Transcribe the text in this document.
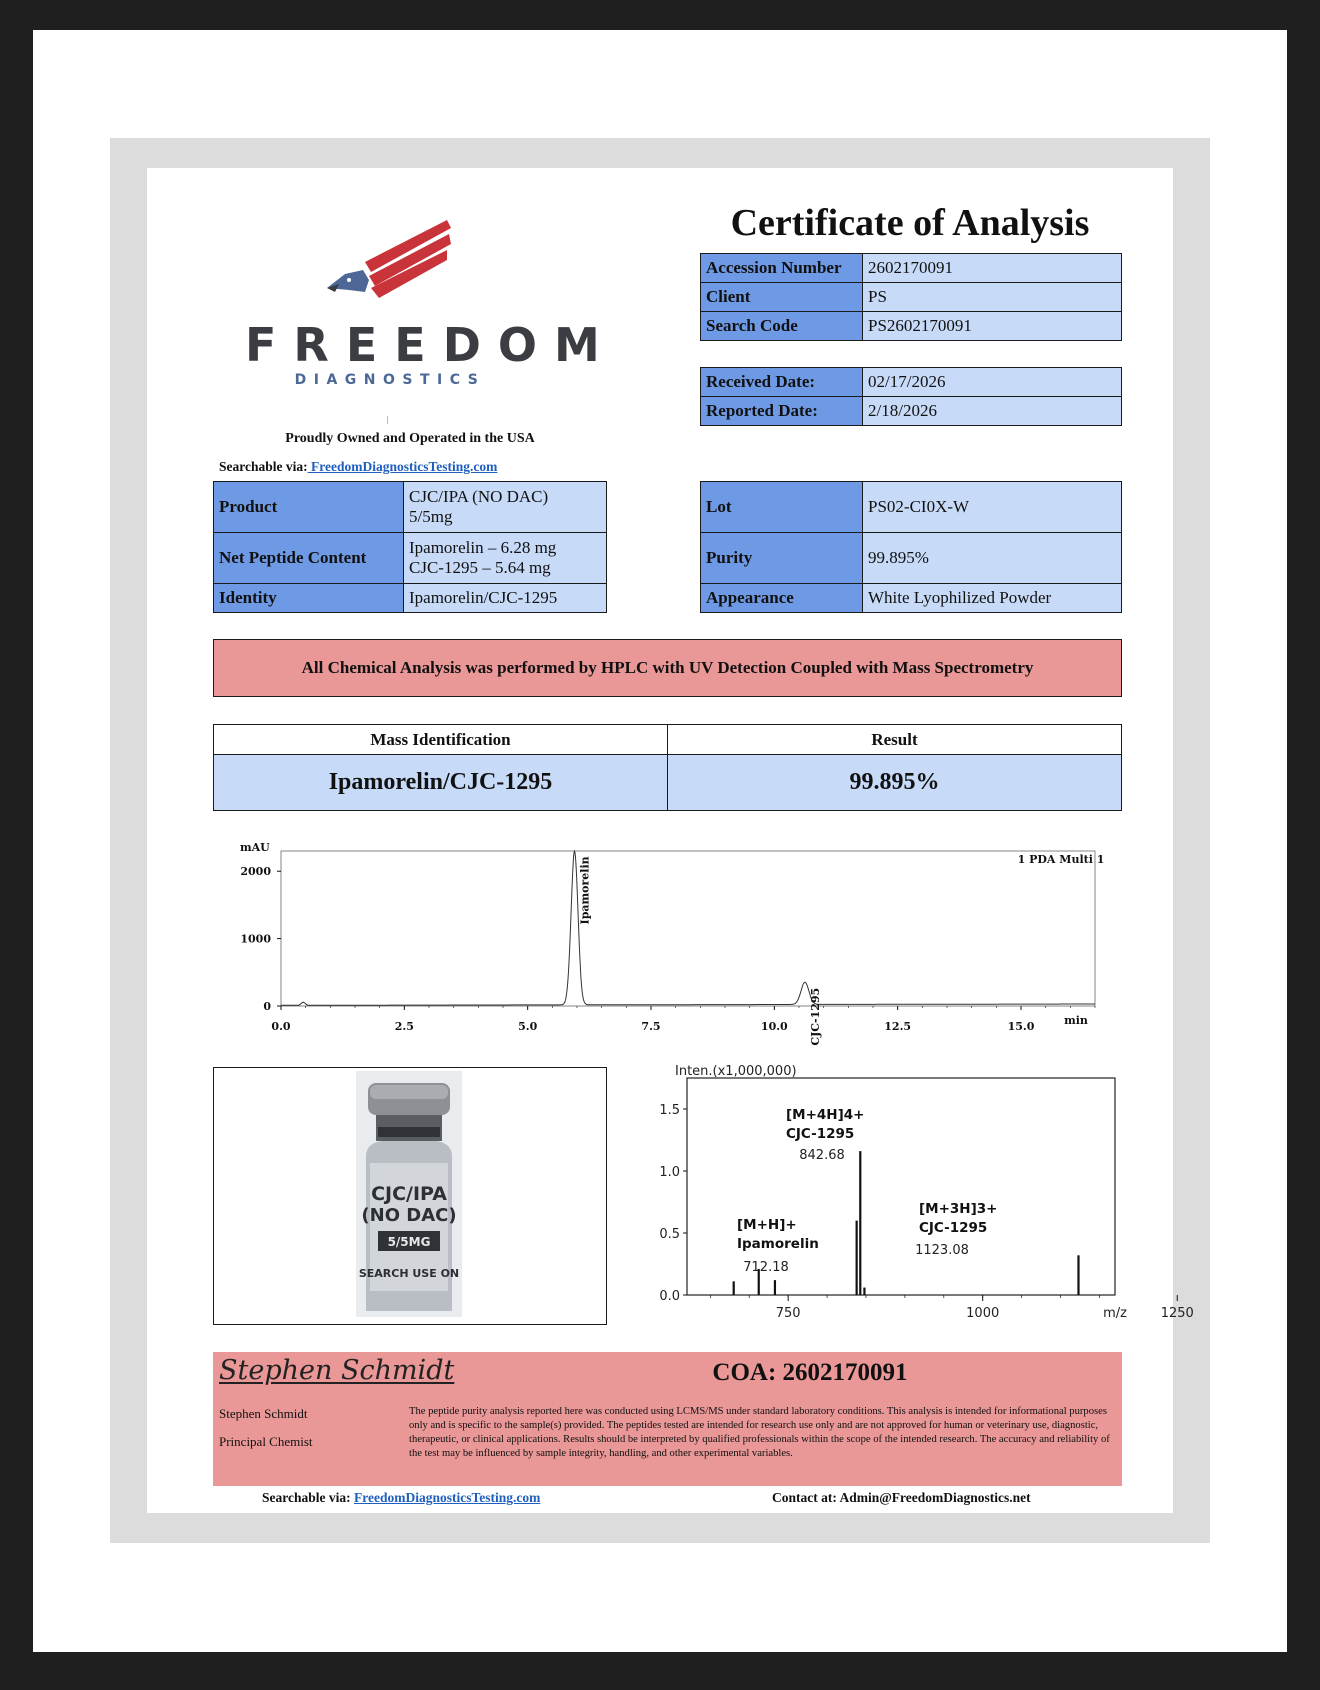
FREEDOM
DIAGNOSTICS
Proudly Owned and Operated in the USA
Searchable via: FreedomDiagnosticsTesting.com
Certificate of Analysis
Accession Number	2602170091
Client	PS
Search Code	PS2602170091
Received Date:	02/17/2026
Reported Date:	2/18/2026
Product	CJC/IPA (NO DAC)
5/5mg

Net Peptide Content	Ipamorelin – 6.28 mg
CJC-1295 – 5.64 mg

Identity	Ipamorelin/CJC-1295
Lot	PS02-CI0X-W
Purity	99.895%
Appearance	White Lyophilized Powder
All Chemical Analysis was performed by HPLC with UV Detection Coupled with Mass Spectrometry
Mass Identification	Result
Ipamorelin/CJC-1295	99.895%
mAU
1 PDA Multi 1
0
1000
2000
0.0	2.5	5.0	7.5	10.0	12.5	15.0	min
Ipamorelin
CJC-1295
CJC/IPA
(NO DAC)
5/5MG
SEARCH USE ON
Inten.(x1,000,000)
0.0
0.5
1.0
1.5
750	1000	1250
m/z
[M+4H]4+
CJC-1295
842.68
[M+H]+
Ipamorelin
712.18
[M+3H]3+
CJC-1295
1123.08
Stephen Schmidt	COA: 2602170091
Stephen Schmidt
Principal Chemist
The peptide purity analysis reported here was conducted using LCMS/MS under standard laboratory conditions. This analysis is intended for informational purposes only and is specific to the sample(s) provided. The peptides tested are intended for research use only and are not approved for human or veterinary use, diagnostic, therapeutic, or clinical applications. Results should be interpreted by qualified professionals within the scope of the intended research. The accuracy and reliability of the test may be influenced by sample integrity, handling, and other experimental variables.
Searchable via: FreedomDiagnosticsTesting.com	Contact at: Admin@FreedomDiagnostics.net
